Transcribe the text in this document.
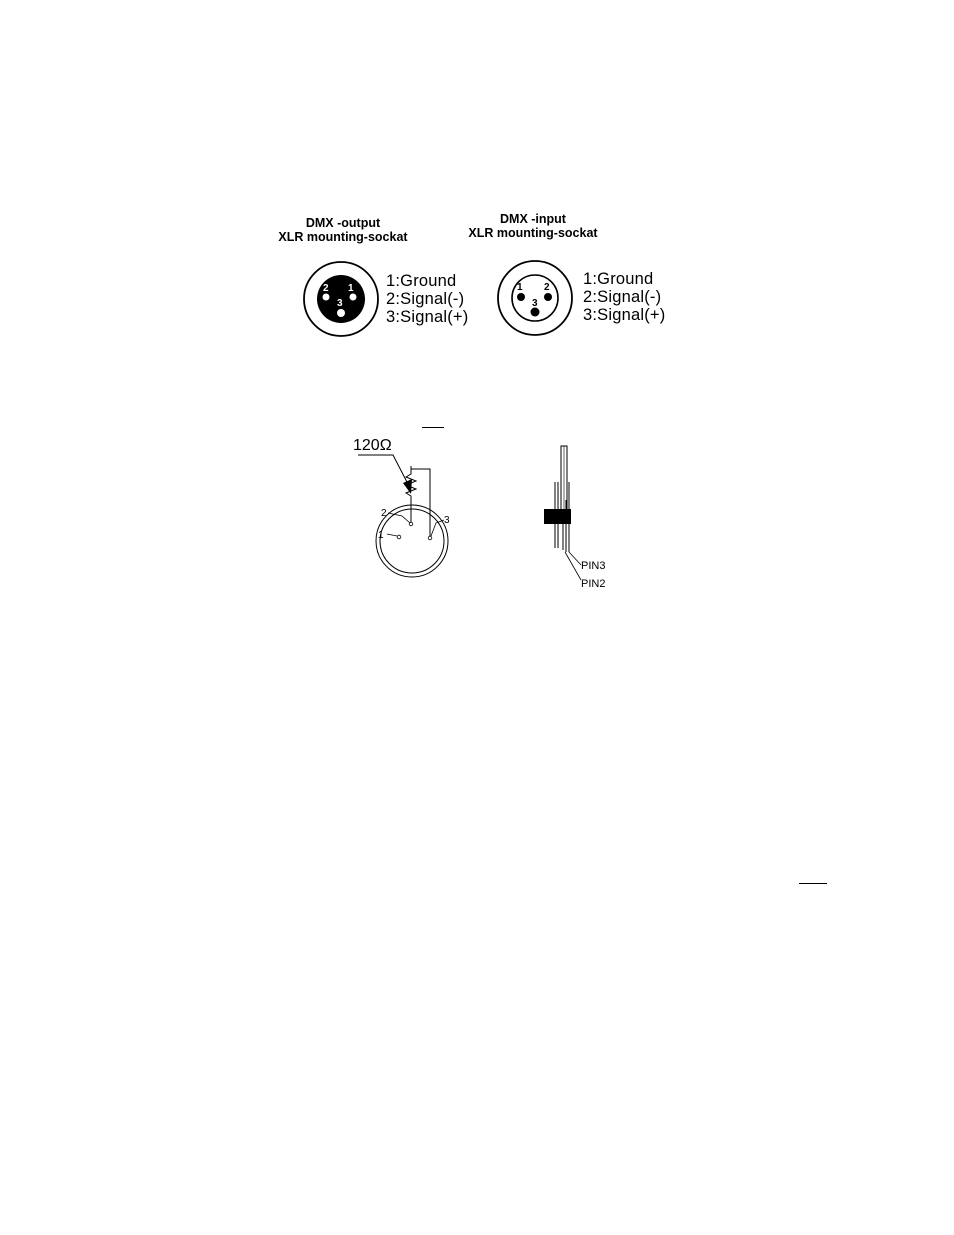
DMX -output
XLR mounting-sockat
2 1
3
1:Ground
2:Signal(-)
3:Signal(+)
DMX -input
XLR mounting-sockat
1 2
3
1:Ground
2:Signal(-)
3:Signal(+)
120Ω
2
1
3
PIN3
PIN2
